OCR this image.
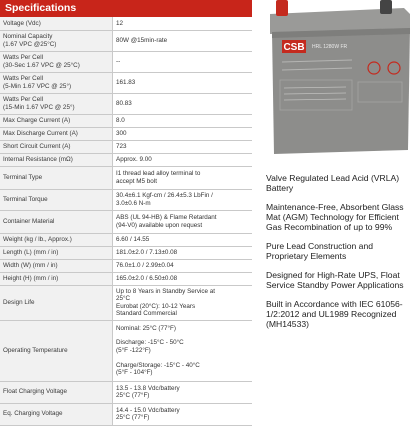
Specifications
Voltage (Vdc)	12

Nominal Capacity
(1.67 VPC @25°C)	80W @15min-rate

Watts Per Cell
(30-Sec 1.67 VPC @ 25°C)	--

Watts Per Cell
(5-Min 1.67 VPC @ 25°)	161.83

Watts Per Cell
(15-Min 1.67 VPC @ 25°)	80.83

Max Charge Current (A)	8.0

Max Discharge Current (A)	300

Short Circuit Current (A)	723

Internal Resistance (mΩ)	Approx. 9.00

Terminal Type	I1 thread lead alloy terminal to
accept M5 bolt

Terminal Torque	30.4±6.1 Kgf-cm / 26.4±5.3 LbFin /
3.0±0.6 N-m

Container Material	ABS (UL 94-HB) & Flame Retardant
(94-V0) available upon request

Weight (kg / lb., Approx.)	6.60 / 14.55

Length (L) (mm / in)	181.0±2.0 / 7.13±0.08

Width (W) (mm / in)	76.0±1.0 / 2.99±0.04

Height (H) (mm / in)	165.0±2.0 / 6.50±0.08

Design Life	Up to 8 Years in Standby Service at
25°C
Eurobat (20°C): 10-12 Years
Standard Commercial

Operating Temperature	Nominal: 25°C (77°F)

Discharge: -15°C - 50°C
(5°F -122°F)

Charge/Storage: -15°C - 40°C
(5°F - 104°F)

Float Charging Voltage	13.5 - 13.8 Vdc/battery
25°C (77°F)

Eq. Charging Voltage	14.4 - 15.0 Vdc/battery
25°C (77°F)
CSB HRL 1280W FR

Valve Regulated Lead Acid (VRLA) Battery

Maintenance-Free, Absorbent Glass Mat (AGM) Technology for Efficient Gas Recombination of up to 99%

Pure Lead Construction and Proprietary Elements

Designed for High-Rate UPS, Float Service Standby Power Applications

Built in Accordance with IEC 61056-1/2:2012 and UL1989 Recognized (MH14533)
